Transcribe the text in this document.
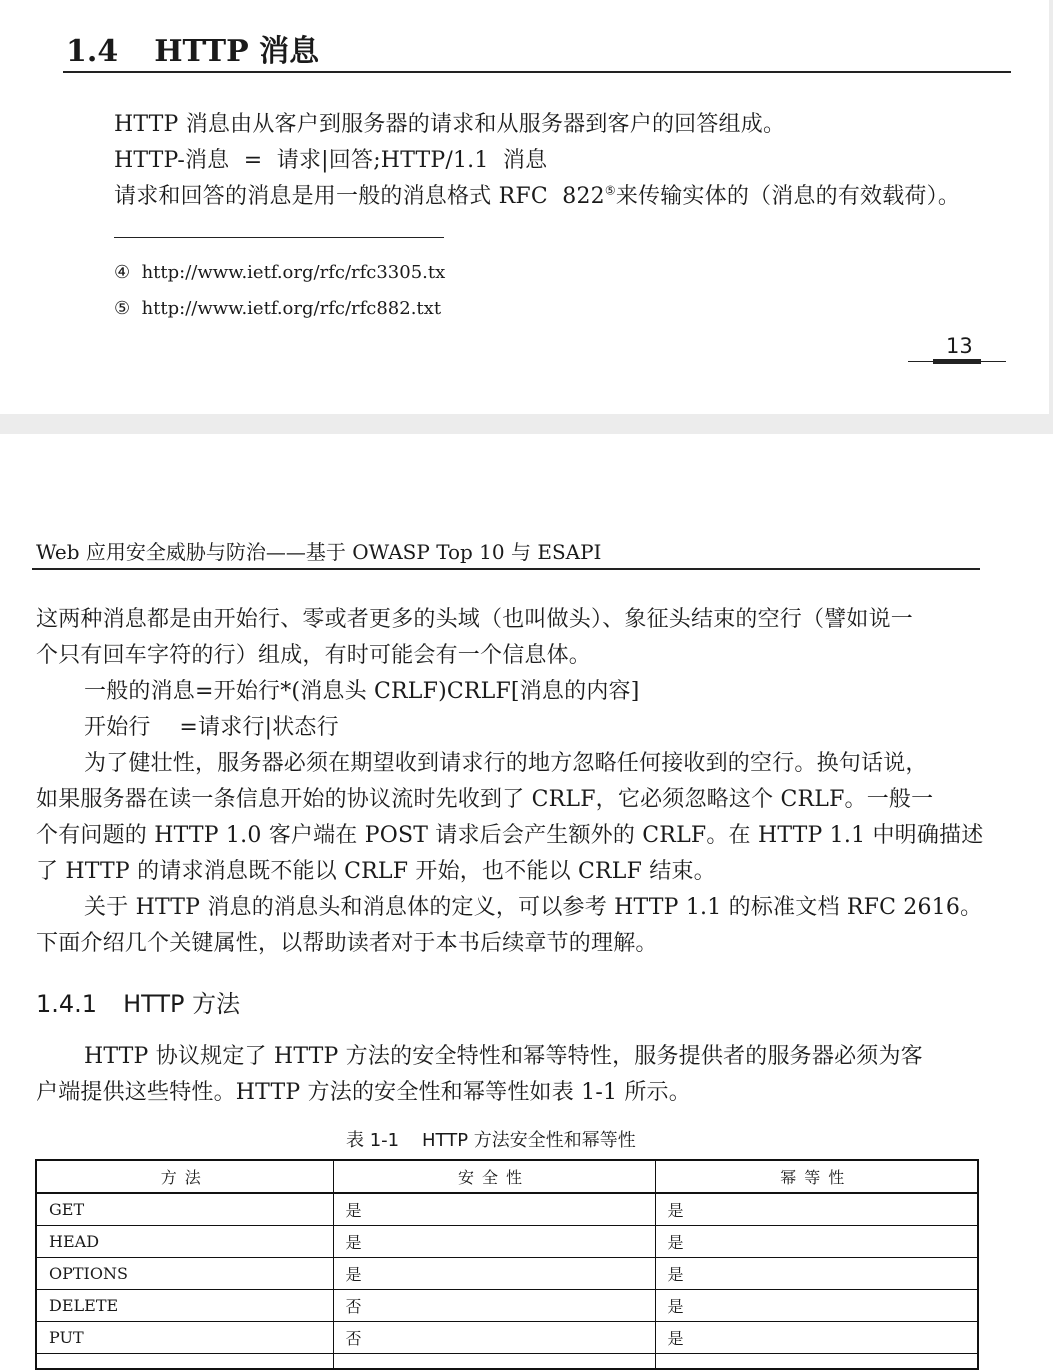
1.4 HTTP 消息
HTTP 消息由从客户到服务器的请求和从服务器到客户的回答组成。
HTTP-消息  =  请求|回答;HTTP/1.1  消息
请求和回答的消息是用一般的消息格式 RFC  822⑤来传输实体的（消息的有效载荷）。
④ http://www.ietf.org/rfc/rfc3305.tx
⑤ http://www.ietf.org/rfc/rfc882.txt
13
Web 应用安全威胁与防治——基于 OWASP Top 10 与 ESAPI
这两种消息都是由开始行、零或者更多的头域（也叫做头）、象征头结束的空行（譬如说一
个只有回车字符的行）组成，有时可能会有一个信息体。
一般的消息=开始行*(消息头 CRLF)CRLF[消息的内容]
开始行    =请求行|状态行
为了健壮性，服务器必须在期望收到请求行的地方忽略任何接收到的空行。换句话说，
如果服务器在读一条信息开始的协议流时先收到了 CRLF，它必须忽略这个 CRLF。一般一
个有问题的 HTTP 1.0 客户端在 POST 请求后会产生额外的 CRLF。在 HTTP 1.1 中明确描述
了 HTTP 的请求消息既不能以 CRLF 开始，也不能以 CRLF 结束。
关于 HTTP 消息的消息头和消息体的定义，可以参考 HTTP 1.1 的标准文档 RFC 2616。
下面介绍几个关键属性，以帮助读者对于本书后续章节的理解。
1.4.1 HTTP 方法
HTTP 协议规定了 HTTP 方法的安全特性和幂等特性，服务提供者的服务器必须为客
户端提供这些特性。HTTP 方法的安全性和幂等性如表 1-1 所示。
表 1-1    HTTP 方法安全性和幂等性
方法	安全性	幂等性
GET	是	是
HEAD	是	是
OPTIONS	是	是
DELETE	否	是
PUT	否	是
